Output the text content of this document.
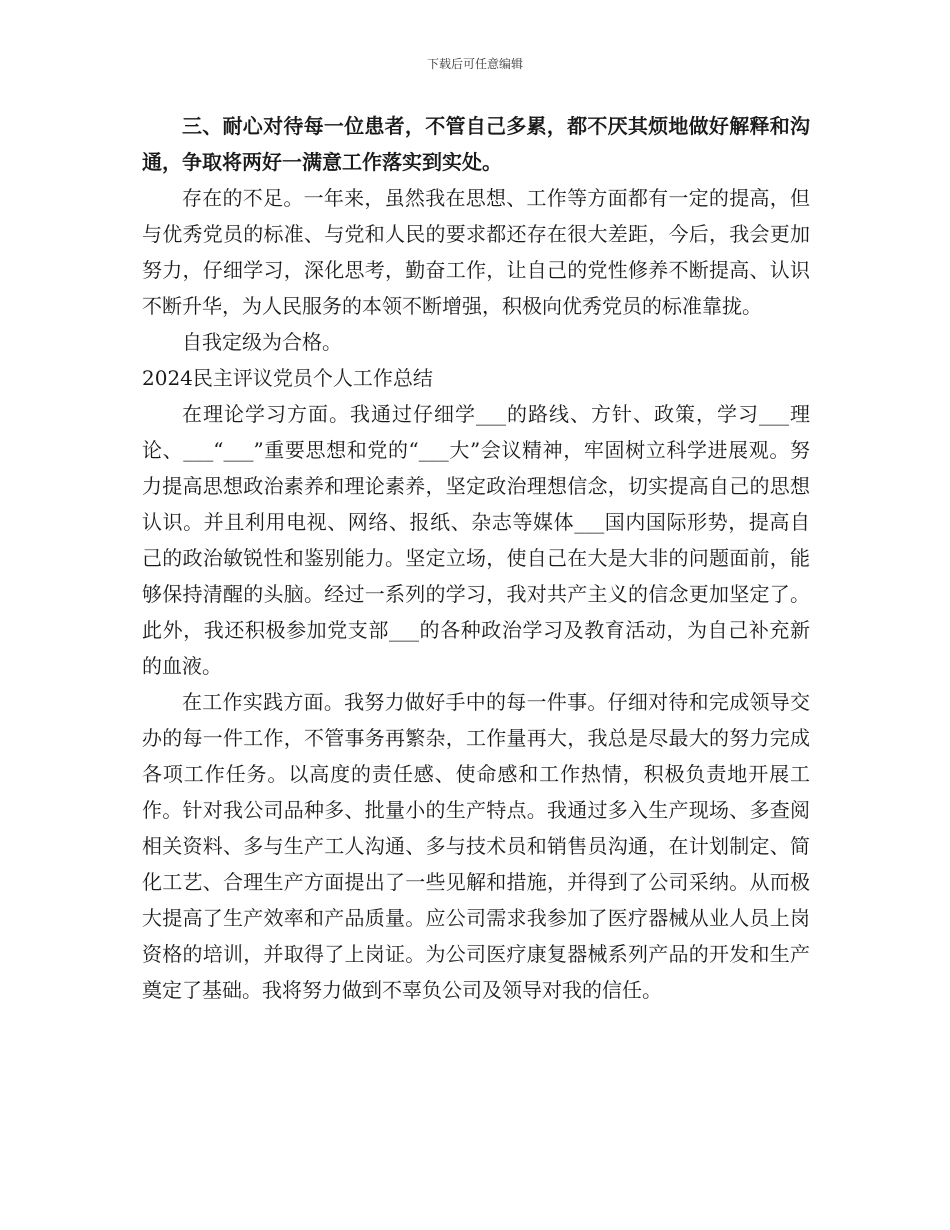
下载后可任意编辑

三、耐心对待每一位患者，不管自己多累，都不厌其烦地做好解释和沟通，争取将两好一满意工作落实到实处。

存在的不足。一年来，虽然我在思想、工作等方面都有一定的提高，但与优秀党员的标准、与党和人民的要求都还存在很大差距，今后，我会更加努力，仔细学习，深化思考，勤奋工作，让自己的党性修养不断提高、认识不断升华，为人民服务的本领不断增强，积极向优秀党员的标准靠拢。

自我定级为合格。

2024民主评议党员个人工作总结

在理论学习方面。我通过仔细学___的路线、方针、政策，学习___理论、___“___”重要思想和党的“___大”会议精神，牢固树立科学进展观。努力提高思想政治素养和理论素养，坚定政治理想信念，切实提高自己的思想认识。并且利用电视、网络、报纸、杂志等媒体___国内国际形势，提高自己的政治敏锐性和鉴别能力。坚定立场，使自己在大是大非的问题面前，能够保持清醒的头脑。经过一系列的学习，我对共产主义的信念更加坚定了。此外，我还积极参加党支部___的各种政治学习及教育活动，为自己补充新的血液。

在工作实践方面。我努力做好手中的每一件事。仔细对待和完成领导交办的每一件工作，不管事务再繁杂，工作量再大，我总是尽最大的努力完成各项工作任务。以高度的责任感、使命感和工作热情，积极负责地开展工作。针对我公司品种多、批量小的生产特点。我通过多入生产现场、多查阅相关资料、多与生产工人沟通、多与技术员和销售员沟通，在计划制定、简化工艺、合理生产方面提出了一些见解和措施，并得到了公司采纳。从而极大提高了生产效率和产品质量。应公司需求我参加了医疗器械从业人员上岗资格的培训，并取得了上岗证。为公司医疗康复器械系列产品的开发和生产奠定了基础。我将努力做到不辜负公司及领导对我的信任。
